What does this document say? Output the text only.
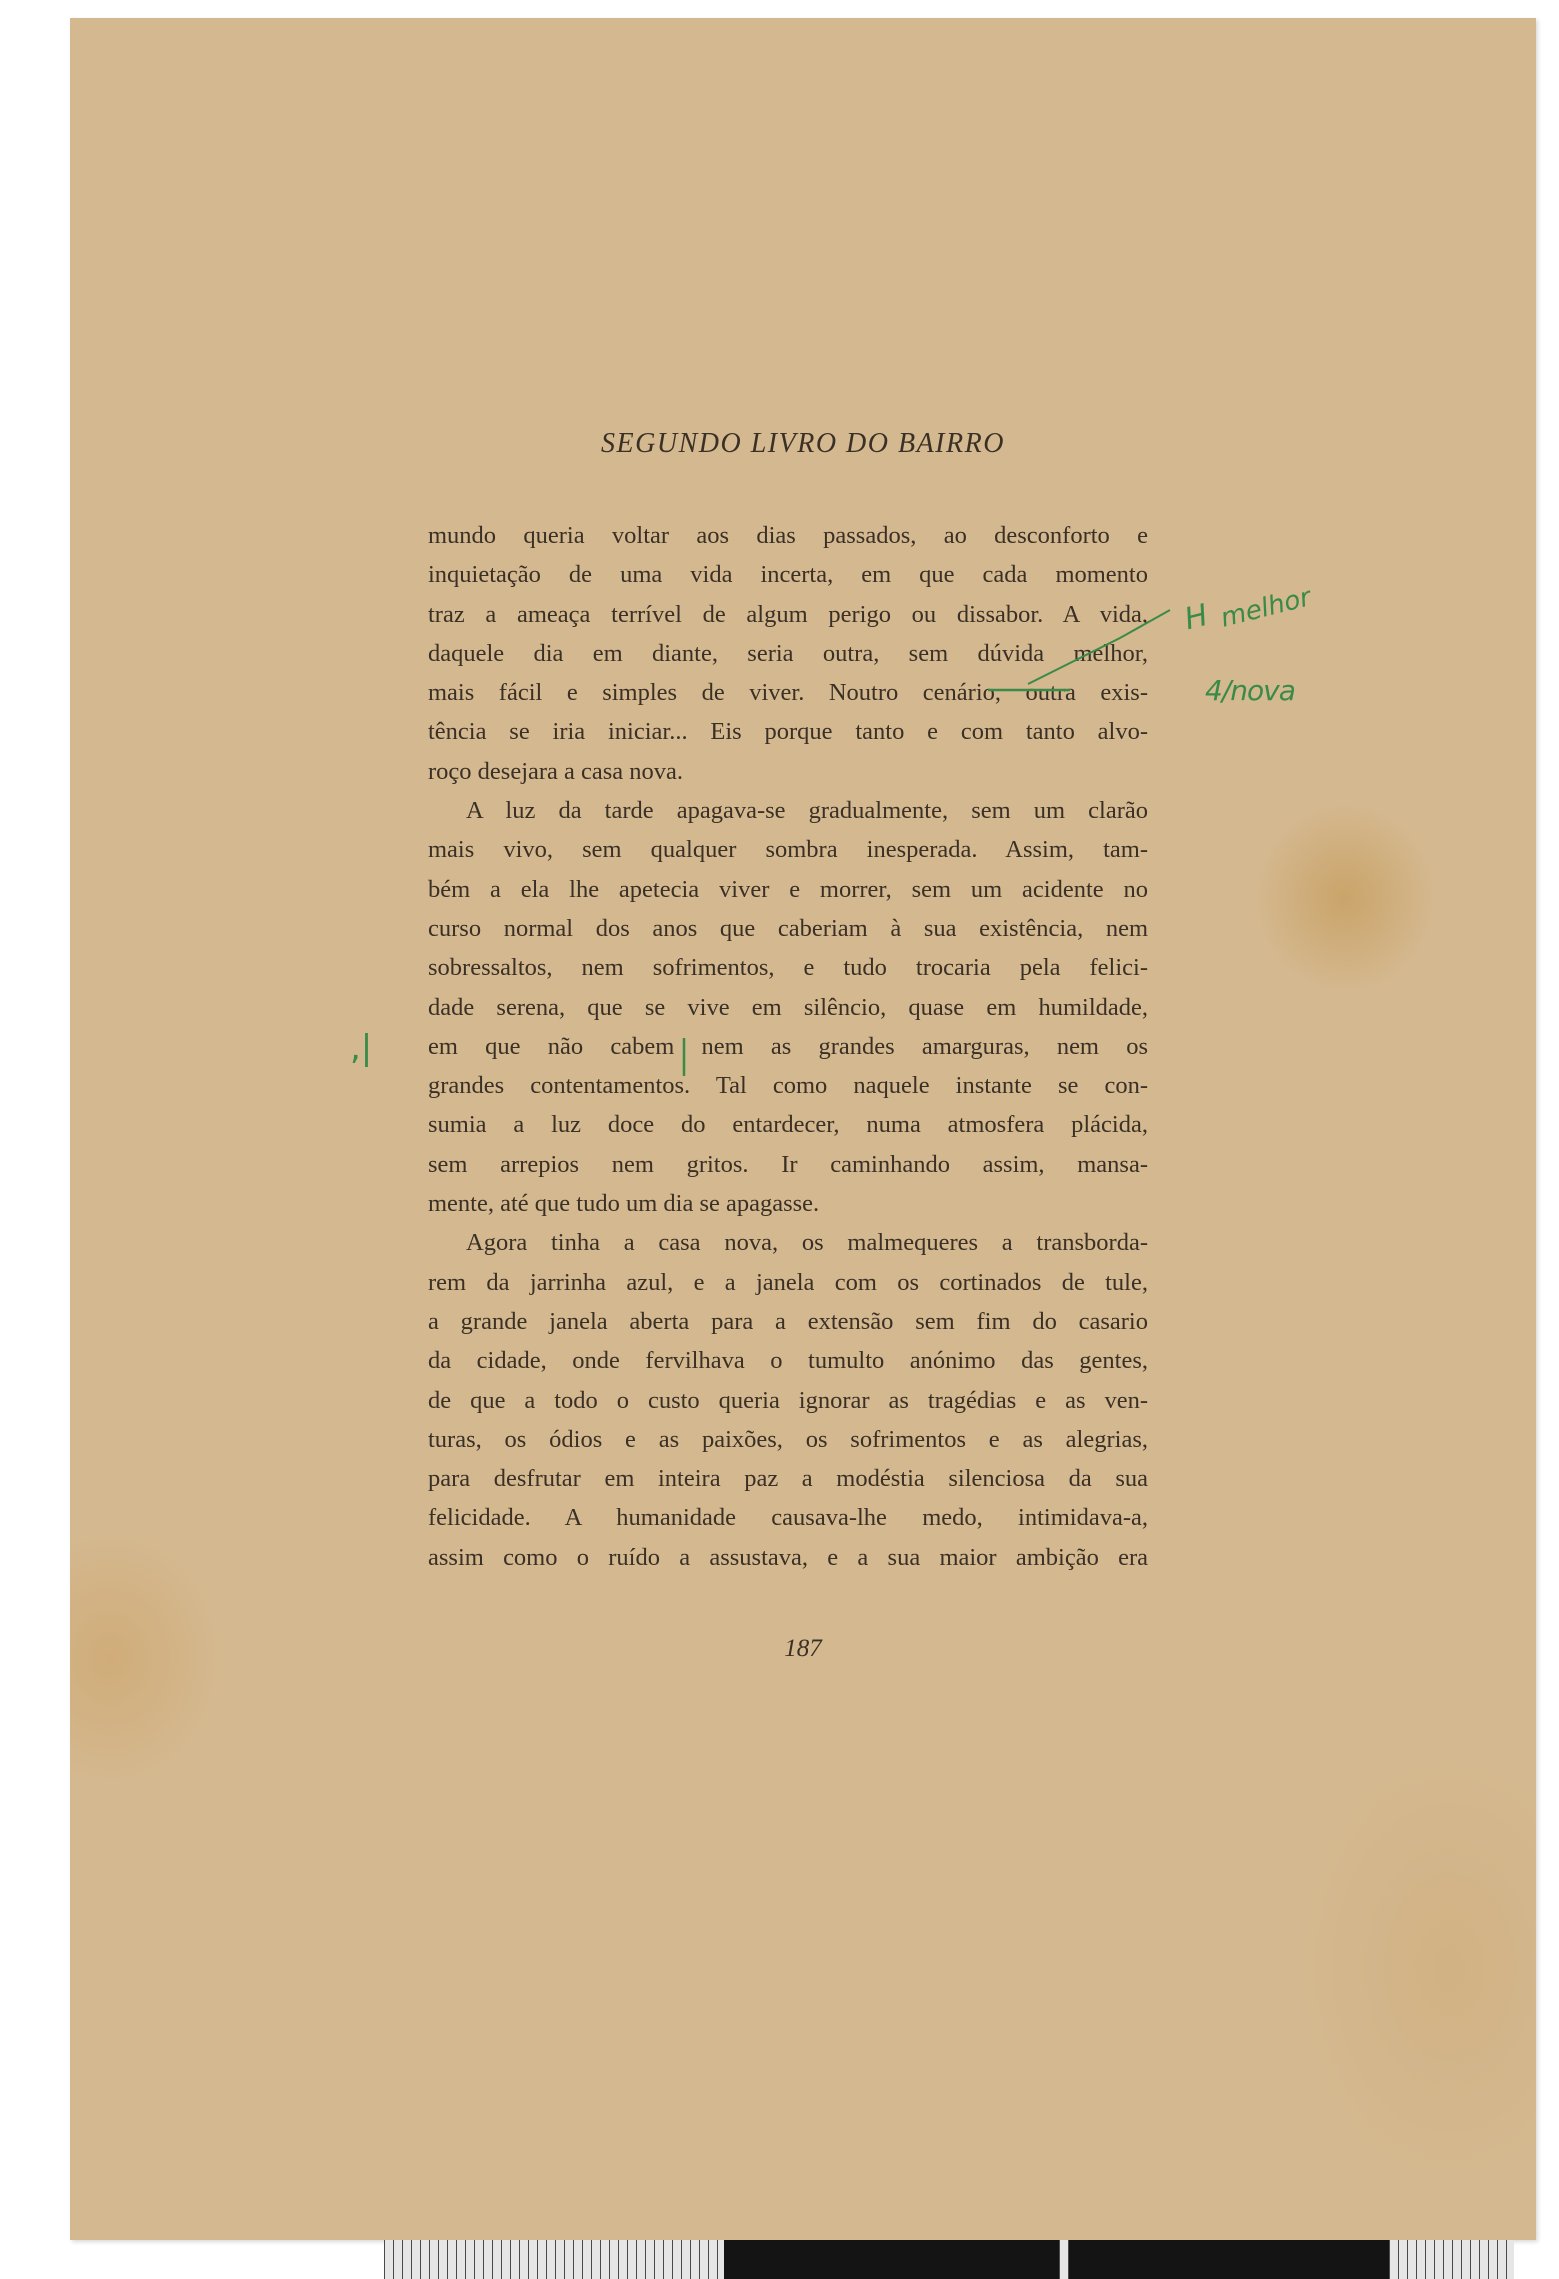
SEGUNDO LIVRO DO BAIRRO
mundo queria voltar aos dias passados, ao desconforto e
inquietação de uma vida incerta, em que cada momento
traz a ameaça terrível de algum perigo ou dissabor. A vida,
daquele dia em diante, seria outra, sem dúvida melhor,
mais fácil e simples de viver. Noutro cenário, outra exis-
tência se iria iniciar... Eis porque tanto e com tanto alvo-
roço desejara a casa nova.
A luz da tarde apagava-se gradualmente, sem um clarão
mais vivo, sem qualquer sombra inesperada. Assim, tam-
bém a ela lhe apetecia viver e morrer, sem um acidente no
curso normal dos anos que caberiam à sua existência, nem
sobressaltos, nem sofrimentos, e tudo trocaria pela felici-
dade serena, que se vive em silêncio, quase em humildade,
em que não cabem nem as grandes amarguras, nem os
grandes contentamentos. Tal como naquele instante se con-
sumia a luz doce do entardecer, numa atmosfera plácida,
sem arrepios nem gritos. Ir caminhando assim, mansa-
mente, até que tudo um dia se apagasse.
Agora tinha a casa nova, os malmequeres a transborda-
rem da jarrinha azul, e a janela com os cortinados de tule,
a grande janela aberta para a extensão sem fim do casario
da cidade, onde fervilhava o tumulto anónimo das gentes,
de que a todo o custo queria ignorar as tragédias e as ven-
turas, os ódios e as paixões, os sofrimentos e as alegrias,
para desfrutar em inteira paz a modéstia silenciosa da sua
felicidade. A humanidade causava-lhe medo, intimidava-a,
assim como o ruído a assustava, e a sua maior ambição era
187
H melhor
4/nova
,|
